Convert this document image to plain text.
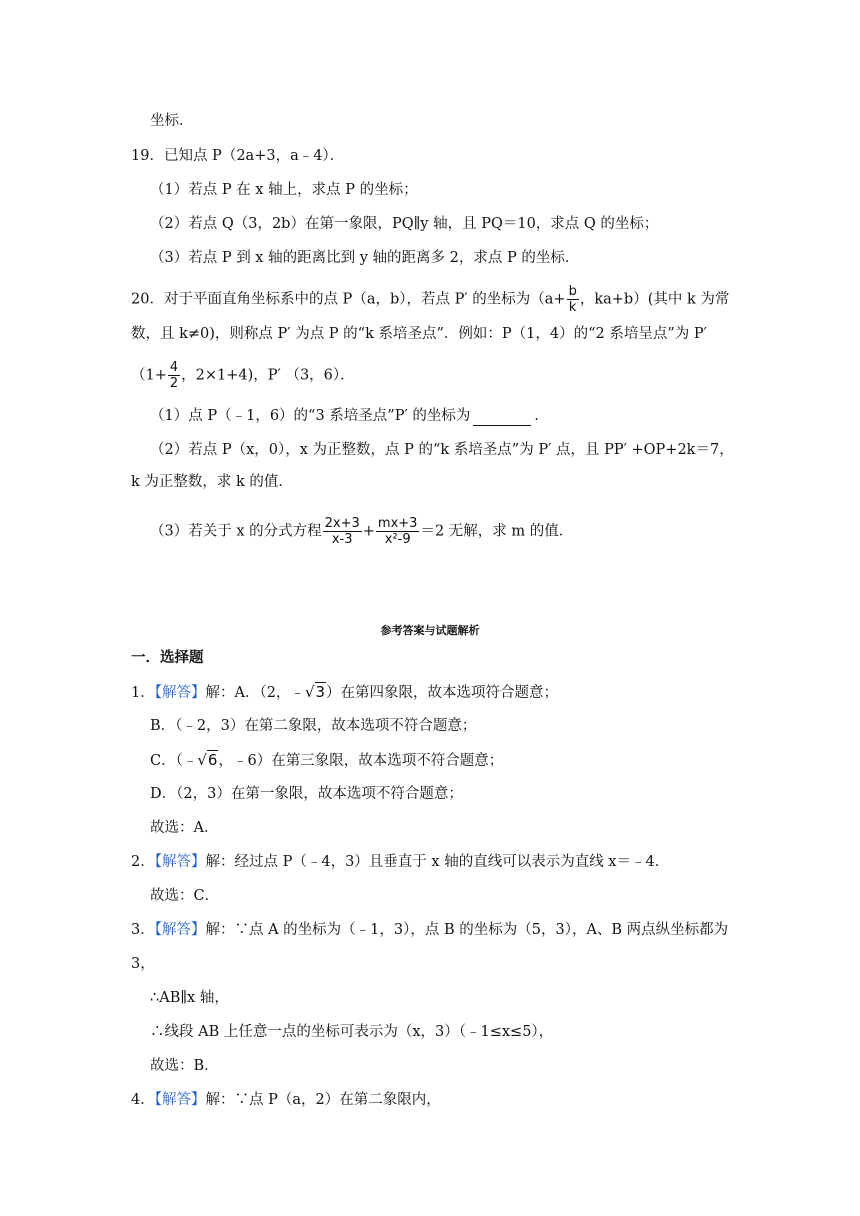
坐标．
19．已知点 P（2a+3，a﹣4）．
（1）若点 P 在 x 轴上，求点 P 的坐标；
（2）若点 Q（3，2b）在第一象限，PQ∥y 轴，且 PQ＝10，求点 Q 的坐标；
（3）若点 P 到 x 轴的距离比到 y 轴的距离多 2，求点 P 的坐标．
20．对于平面直角坐标系中的点 P（a，b），若点 P′ 的坐标为（$a+ \frac{b}{k}$ ，ka+b）(其中 k 为常
数，且 k≠0)，则称点 P′ 为点 P 的“k 系培圣点”．例如：P（1，4）的“2 系培呈点”为 P′
（$1+ \frac{4}{2}$ ，2×1+4)，P′ （3，6）．
（1）点 P（﹣1，6）的“3 系培圣点”P′ 的坐标为	．
（2）若点 P（x，0），x 为正整数，点 P 的“k 系培圣点”为 P′ 点，且 PP′ +OP+2k＝7，
k 为正整数，求 k 的值．
（3）若关于 x 的分式方程 $\frac{2x+3}{x-3} + \frac{mx+3}{\text{x²-9}} =2$ 无解，求 m 的值．
参考答案与试题解析
一．选择题
1．【解答】解：A．（2，﹣√3）在第四象限，故本选项符合题意；
B．（﹣2，3）在第二象限，故本选项不符合题意；
C．（﹣√6，﹣6）在第三象限，故本选项不符合题意；
D．（2，3）在第一象限，故本选项不符合题意；
故选：A．
2．【解答】解：经过点 P（﹣4，3）且垂直于 x 轴的直线可以表示为直线 x＝﹣4．
故选：C．
3．【解答】解：∵点 A 的坐标为（﹣1，3），点 B 的坐标为（5，3），A、B 两点纵坐标都为
3，
∴AB∥x 轴，
∴线段 AB 上任意一点的坐标可表示为（x，3）（﹣1≤x≤5），
故选：B．
4．【解答】解：∵点 P（a，2）在第二象限内，
